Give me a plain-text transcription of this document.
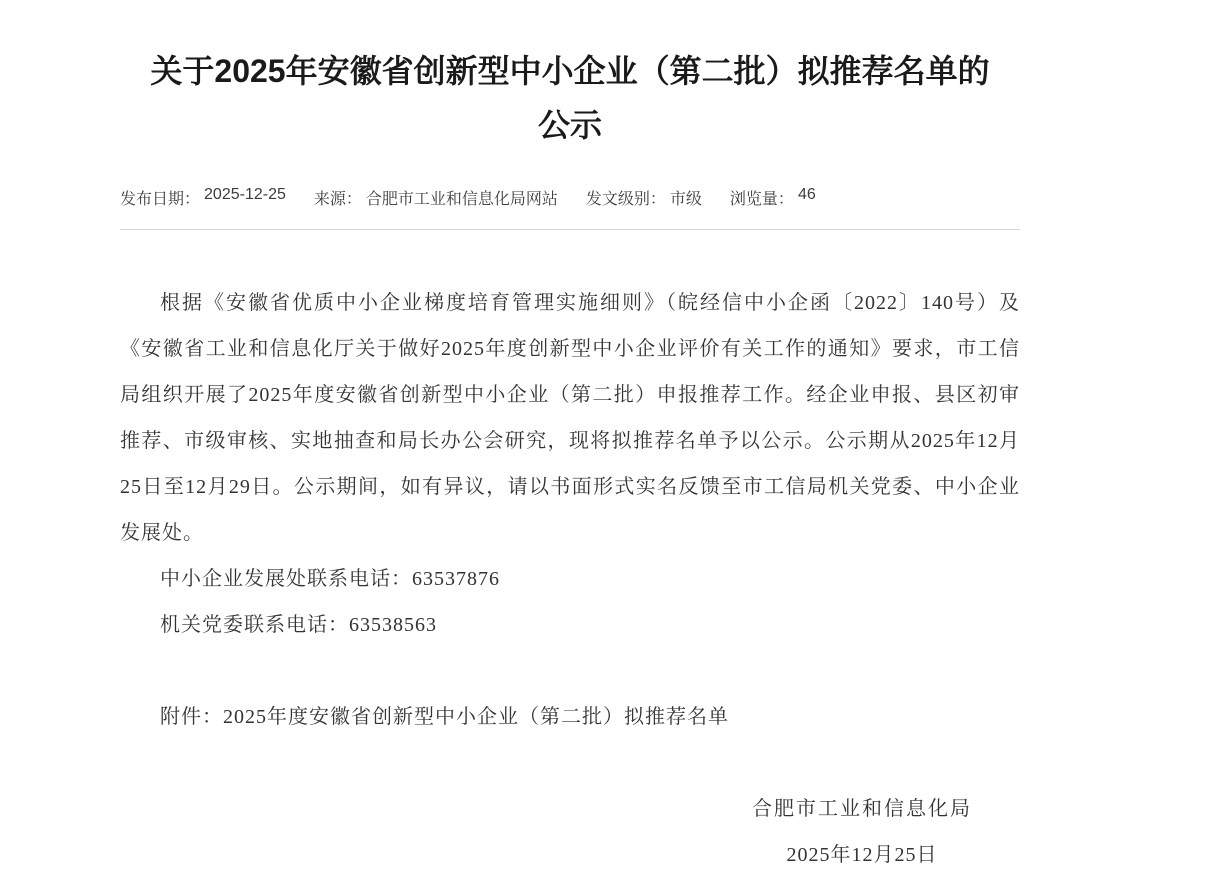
关于2025年安徽省创新型中小企业（第二批）拟推荐名单的
公示
发布日期： 2025-12-25 来源： 合肥市工业和信息化局网站 发文级别： 市级 浏览量： 46

根据《安徽省优质中小企业梯度培育管理实施细则》（皖经信中小企函〔2022〕140号）及《安徽省工业和信息化厅关于做好2025年度创新型中小企业评价有关工作的通知》要求，市工信局组织开展了2025年度安徽省创新型中小企业（第二批）申报推荐工作。经企业申报、县区初审推荐、市级审核、实地抽查和局长办公会研究，现将拟推荐名单予以公示。公示期从2025年12月25日至12月29日。公示期间，如有异议，请以书面形式实名反馈至市工信局机关党委、中小企业发展处。

中小企业发展处联系电话：63537876

机关党委联系电话：63538563

附件：2025年度安徽省创新型中小企业（第二批）拟推荐名单

合肥市工业和信息化局

2025年12月25日
